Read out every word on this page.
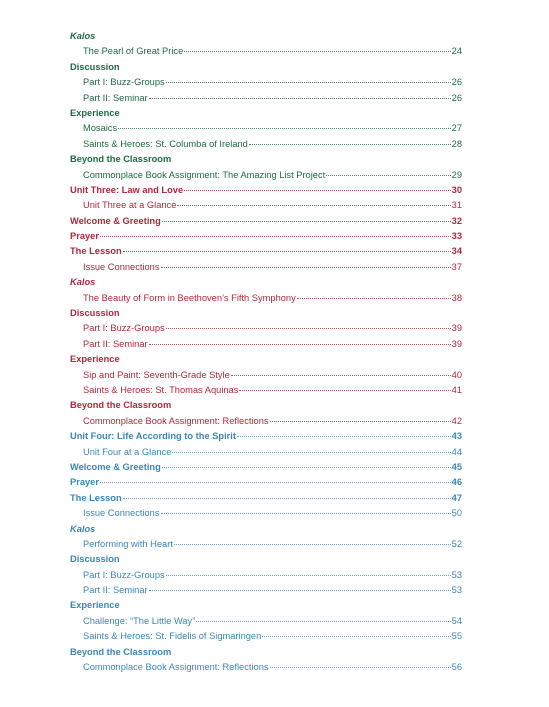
Kalos
The Pearl of Great Price	24
Discussion
Part I: Buzz-Groups	26
Part II: Seminar	26
Experience
Mosaics	27
Saints & Heroes: St. Columba of Ireland	28
Beyond the Classroom
Commonplace Book Assignment: The Amazing List Project	29
Unit Three: Law and Love	30
Unit Three at a Glance	31
Welcome & Greeting	32
Prayer	33
The Lesson	34
Issue Connections	37
Kalos
The Beauty of Form in Beethoven’s Fifth Symphony	38
Discussion
Part I: Buzz-Groups	39
Part II: Seminar	39
Experience
Sip and Paint: Seventh-Grade Style	40
Saints & Heroes: St. Thomas Aquinas	41
Beyond the Classroom
Commonplace Book Assignment: Reflections	42
Unit Four: Life According to the Spirit	43
Unit Four at a Glance	44
Welcome & Greeting	45
Prayer	46
The Lesson	47
Issue Connections	50
Kalos
Performing with Heart	52
Discussion
Part I: Buzz-Groups	53
Part II: Seminar	53
Experience
Challenge: “The Little Way”	54
Saints & Heroes: St. Fidelis of Sigmaringen	55
Beyond the Classroom
Commonplace Book Assignment: Reflections	56
